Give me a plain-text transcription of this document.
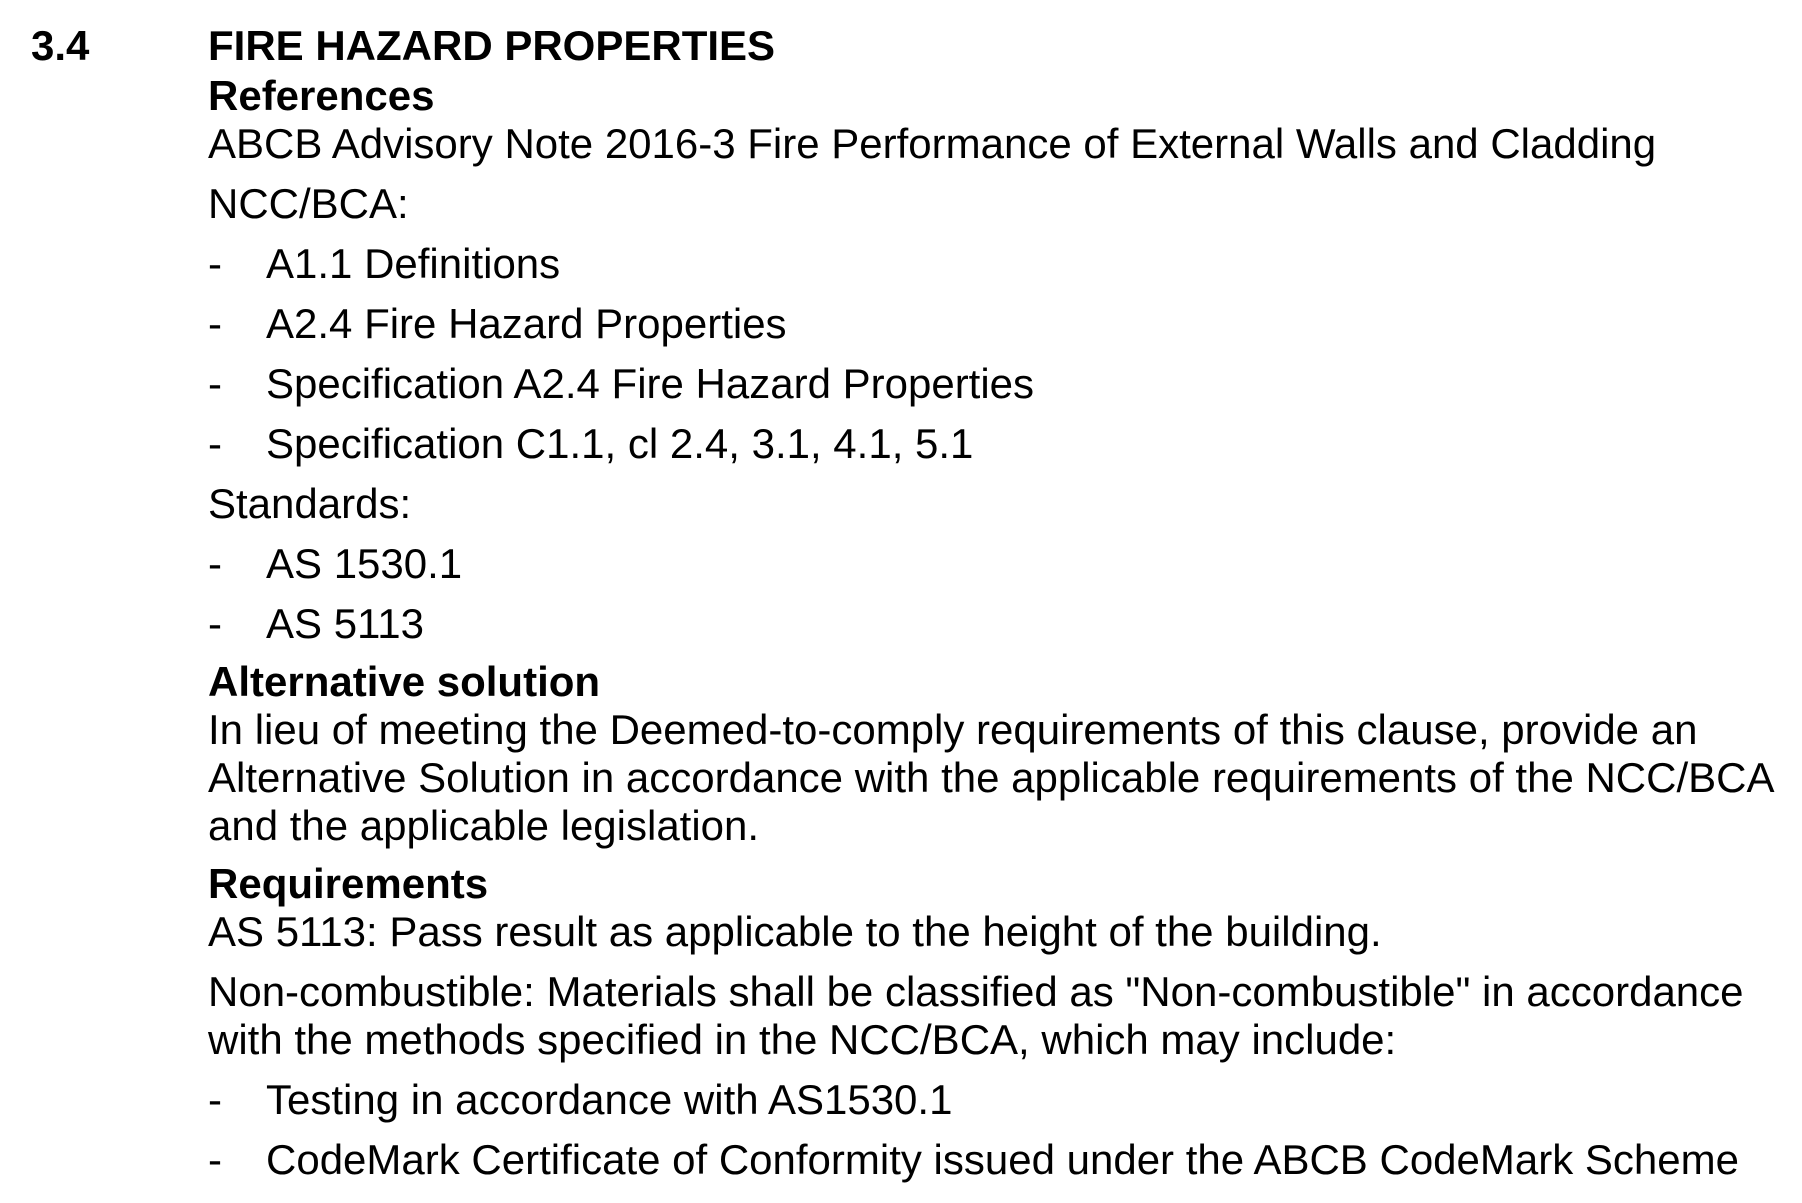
3.4	FIRE HAZARD PROPERTIES

References

ABCB Advisory Note 2016-3 Fire Performance of External Walls and Cladding

NCC/BCA:

- A1.1 Definitions
- A2.4 Fire Hazard Properties
- Specification A2.4 Fire Hazard Properties
- Specification C1.1, cl 2.4, 3.1, 4.1, 5.1

Standards:

- AS 1530.1
- AS 5113

Alternative solution

In lieu of meeting the Deemed-to-comply requirements of this clause, provide an Alternative Solution in accordance with the applicable requirements of the NCC/BCA and the applicable legislation.

Requirements

AS 5113: Pass result as applicable to the height of the building.

Non-combustible: Materials shall be classified as "Non-combustible" in accordance with the methods specified in the NCC/BCA, which may include:

- Testing in accordance with AS1530.1
- CodeMark Certificate of Conformity issued under the ABCB CodeMark Scheme
